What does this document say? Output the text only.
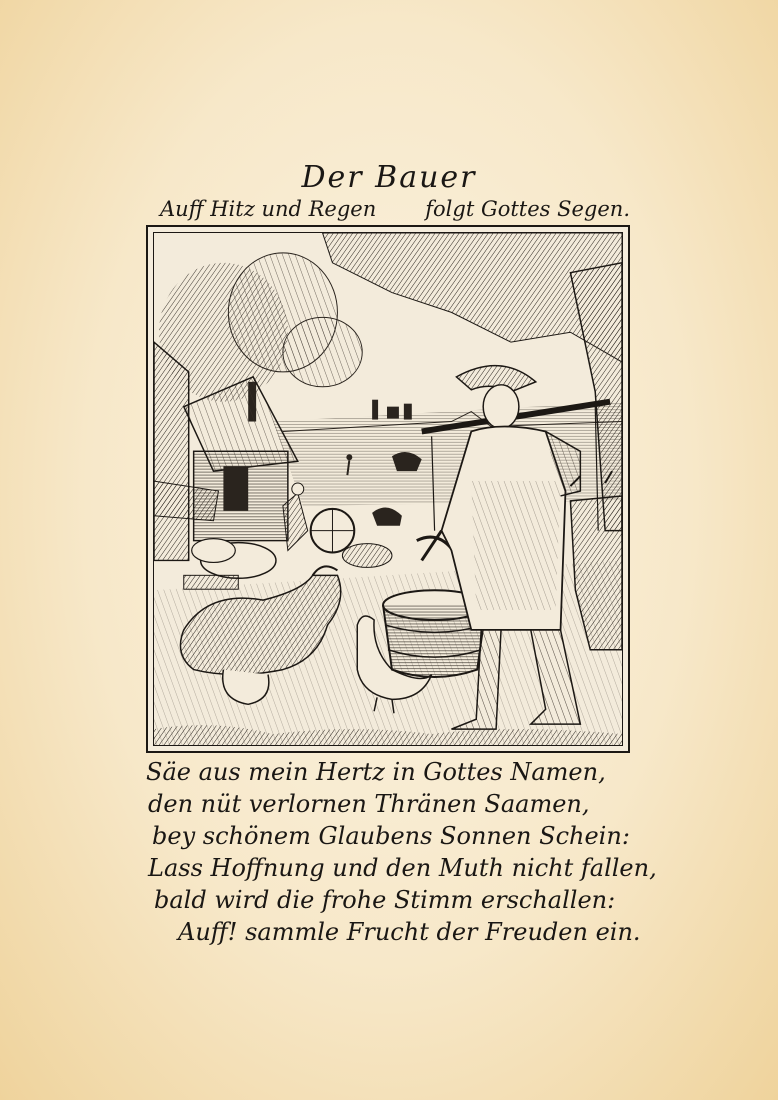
Der Bauer
Auff Hitz und Regen folgt Gottes Segen.
Säe aus mein Hertz in Gottes Namen,
den nüt verlornen Thränen Saamen,
bey schönem Glaubens Sonnen Schein:
Lass Hoffnung und den Muth nicht fallen,
bald wird die frohe Stimm erschallen:
Auff! sammle Frucht der Freuden ein.
